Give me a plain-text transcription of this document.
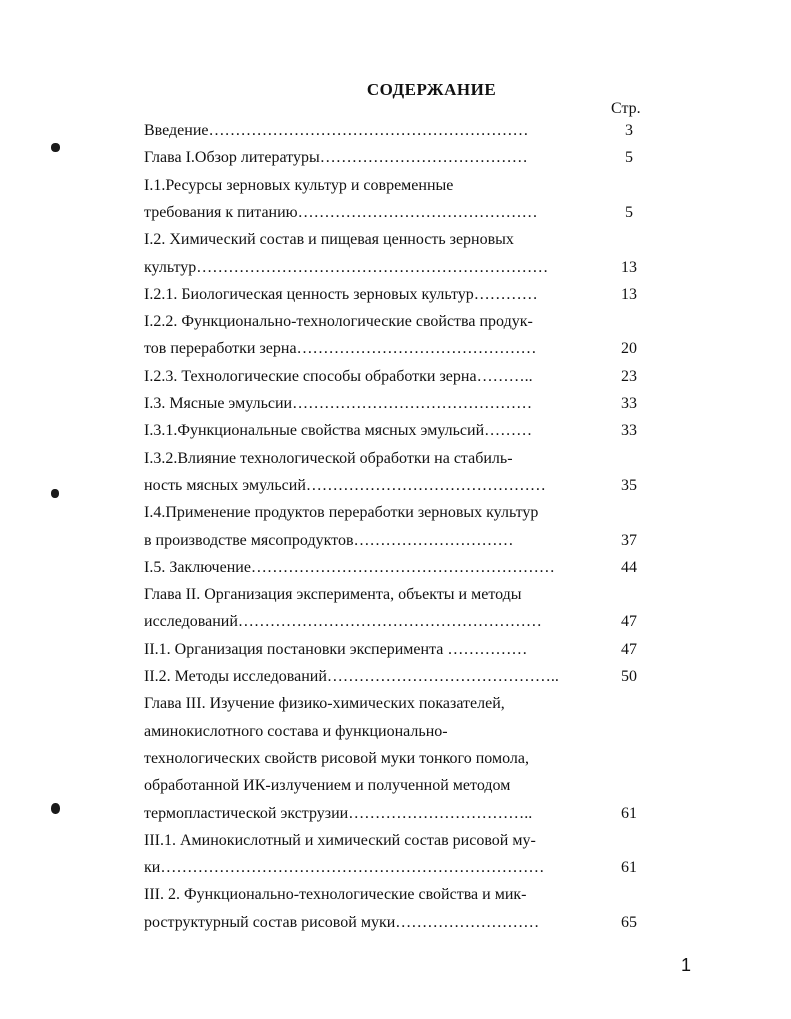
СОДЕРЖАНИЕ
Стр.
Введение……………………………………………………	3
Глава I.Обзор литературы…………………………………	5
I.1.Ресурсы зерновых культур и современные
требования к питанию………………………………………	5
I.2. Химический состав и пищевая ценность зерновых
культур…………………………………………………………	13
I.2.1. Биологическая ценность зерновых культур…………	13
I.2.2. Функционально-технологические свойства продук-
тов переработки зерна………………………………………	20
I.2.3. Технологические способы обработки зерна………..	23
I.3. Мясные эмульсии………………………………………	33
I.3.1.Функциональные свойства мясных эмульсий………	33
I.3.2.Влияние технологической обработки на стабиль-
ность мясных эмульсий………………………………………	35
I.4.Применение продуктов переработки зерновых культур
в производстве мясопродуктов…………………………	37
I.5. Заключение…………………………………………………	44
Глава II. Организация эксперимента, объекты и методы
исследований…………………………………………………	47
II.1. Организация постановки эксперимента ……………	47
II.2. Методы исследований……………………………………..	50
Глава III. Изучение физико-химических показателей,
аминокислотного состава и функционально-
технологических свойств рисовой муки тонкого помола,
обработанной ИК-излучением и полученной методом
термопластической экструзии……………………………..	61
III.1. Аминокислотный и химический состав рисовой му-
ки………………………………………………………………	61
III. 2. Функционально-технологические свойства и мик-
роструктурный состав рисовой муки………………………	65
1
